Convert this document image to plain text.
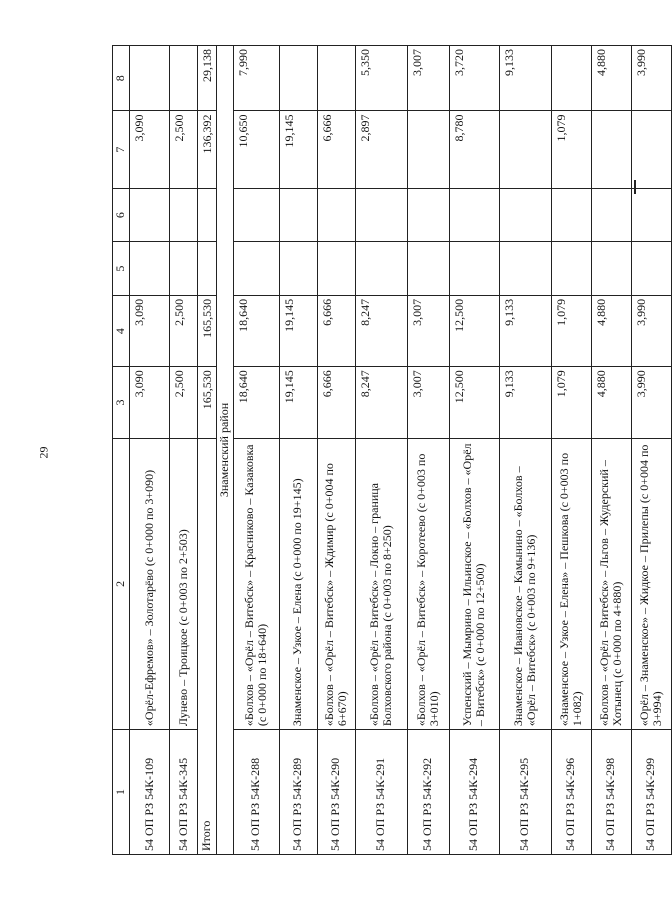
29
1	2	3	4	5	6	7	8
54 ОП РЗ 54К-109	«Орёл-Ефремов» – Золотарёво (с 0+000 по 3+090)	3,090	3,090			3,090	
54 ОП РЗ 54К-345	Лунево – Троицкое (с 0+003 по 2+503)	2,500	2,500			2,500	
Итого		165,530	165,530			136,392	29,138
Знаменский район							
54 ОП РЗ 54К-288	«Болхов – «Орёл – Витебск» – Красниково – Казаковка (с 0+000 по 18+640)	18,640	18,640			10,650	7,990
54 ОП РЗ 54К-289	Знаменское – Узкое – Елена (с 0+000 по 19+145)	19,145	19,145			19,145	
54 ОП РЗ 54К-290	«Болхов – «Орёл – Витебск» – Ждимир (с 0+004 по 6+670)	6,666	6,666			6,666	
54 ОП РЗ 54К-291	«Болхов – «Орёл – Витебск» – Локно – граница Болховского района (с 0+003 по 8+250)	8,247	8,247			2,897	5,350
54 ОП РЗ 54К-292	«Болхов – «Орёл – Витебск» – Коротеево (с 0+003 по 3+010)	3,007	3,007				3,007
54 ОП РЗ 54К-294	Успенский – Мымрино – Ильинское – «Болхов – «Орёл – Витебск» (с 0+000 по 12+500)	12,500	12,500			8,780	3,720
54 ОП РЗ 54К-295	Знаменское – Ивановское – Камынино – «Болхов – «Орёл – Витебск» (с 0+003 по 9+136)	9,133	9,133				9,133
54 ОП РЗ 54К-296	«Знаменское – Узкое – Елена» – Пешкова (с 0+003 по 1+082)	1,079	1,079			1,079	
54 ОП РЗ 54К-298	«Болхов – «Орёл – Витебск» – Льгов – Жудерский – Хотынец (с 0+000 по 4+880)	4,880	4,880				4,880
54 ОП РЗ 54К-299	«Орёл – Знаменское» – Жидкое – Прилепы (с 0+004 по 3+994)	3,990	3,990				3,990
